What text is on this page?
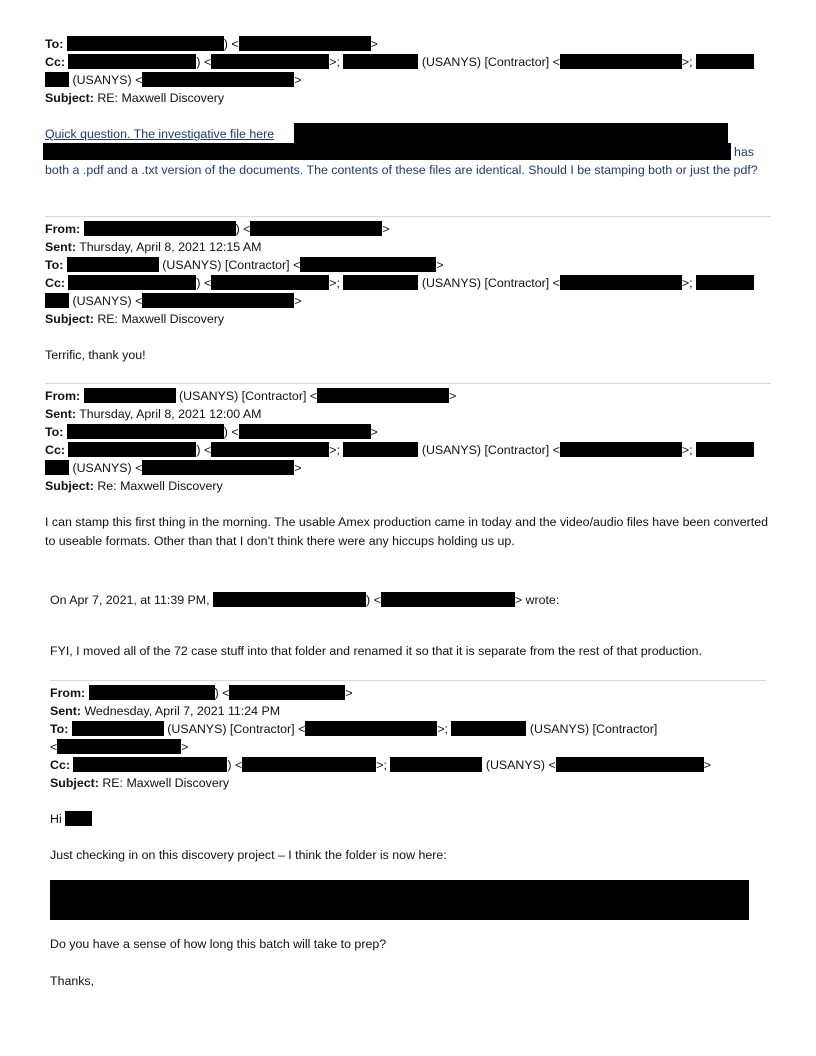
To:	) <	>
Cc:	) <	>;	(USANYS) [Contractor] <	>;
(USANYS) <	>
Subject: RE: Maxwell Discovery
Quick question. The investigative file here
has
both a .pdf and a .txt version of the documents. The contents of these files are identical. Should I be stamping both or just the pdf?
From:	) <	>
Sent: Thursday, April 8, 2021 12:15 AM
To:	(USANYS) [Contractor] <	>
Cc:	) <	>;	(USANYS) [Contractor] <	>;
(USANYS) <	>
Subject: RE: Maxwell Discovery
Terrific, thank you!
From:	(USANYS) [Contractor] <	>
Sent: Thursday, April 8, 2021 12:00 AM
To:	) <	>
Cc:	) <	>;	(USANYS) [Contractor] <	>;
(USANYS) <	>
Subject: Re: Maxwell Discovery
I can stamp this first thing in the morning. The usable Amex production came in today and the video/audio files have been converted to useable formats. Other than that I don’t think there were any hiccups holding us up.
On Apr 7, 2021, at 11:39 PM,	) <	> wrote:
FYI, I moved all of the 72 case stuff into that folder and renamed it so that it is separate from the rest of that production.
From:	) <	>
Sent: Wednesday, April 7, 2021 11:24 PM
To:	(USANYS) [Contractor] <	>;	(USANYS) [Contractor]
<	>
Cc:	) <	>;	(USANYS) <	>
Subject: RE: Maxwell Discovery
Hi
Just checking in on this discovery project – I think the folder is now here:
Do you have a sense of how long this batch will take to prep?
Thanks,
